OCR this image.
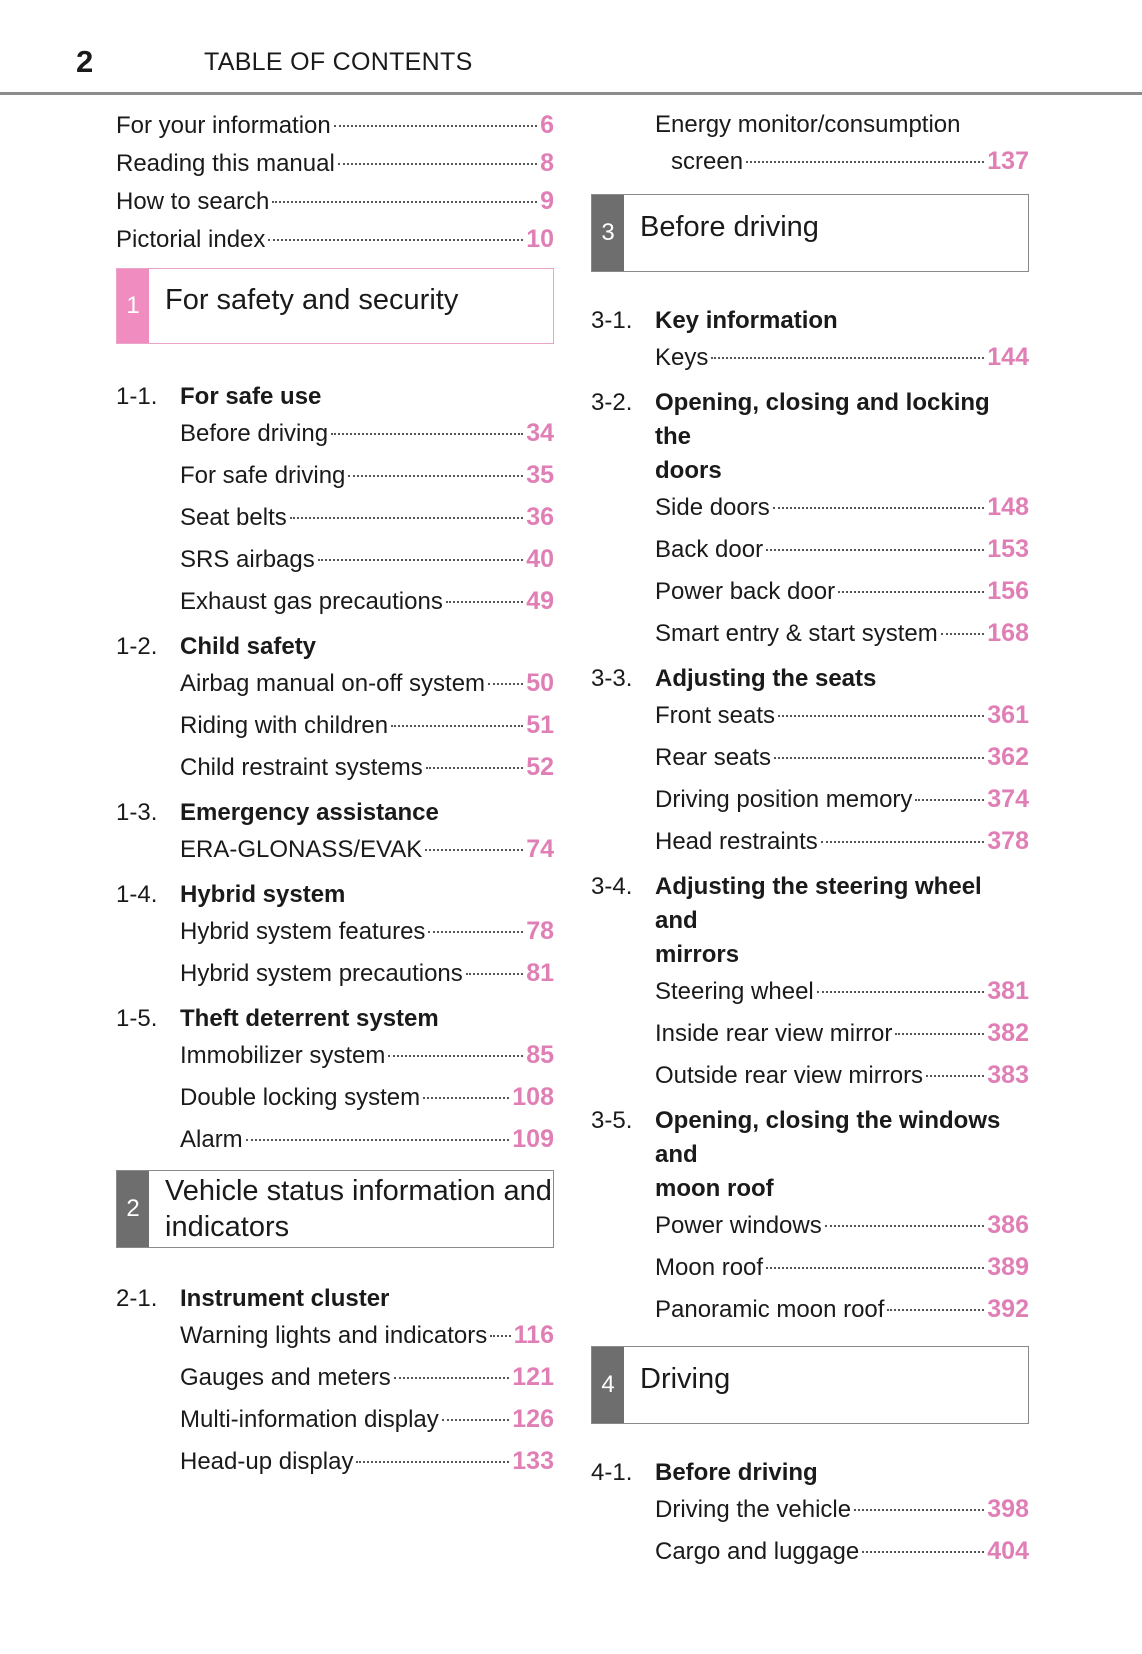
2	TABLE OF CONTENTS
For your information	6
Reading this manual	8
How to search	9
Pictorial index	10
1 For safety and security
1-1. For safe use
Before driving	34
For safe driving	35
Seat belts	36
SRS airbags	40
Exhaust gas precautions	49
1-2. Child safety
Airbag manual on-off system 50
Riding with children	51
Child restraint systems	52
1-3. Emergency assistance
ERA-GLONASS/EVAK	74
1-4. Hybrid system
Hybrid system features	78
Hybrid system precautions	81
1-5. Theft deterrent system
Immobilizer system	85
Double locking system	108
Alarm	109
2
Vehicle status information and
indicators
2-1. Instrument cluster
Warning lights and indicators 116
Gauges and meters	121
Multi-information display	126
Head-up display	133
Energy monitor/consumption
screen	137
3 Before driving
3-1. Key information
Keys	144
3-2. Opening, closing and locking the
doors
Side doors	148
Back door	153
Power back door	156
Smart entry & start system 168
3-3. Adjusting the seats
Front seats	361
Rear seats	362
Driving position memory	374
Head restraints	378
3-4. Adjusting the steering wheel and
mirrors
Steering wheel	381
Inside rear view mirror	382
Outside rear view mirrors	383
3-5. Opening, closing the windows and
moon roof
Power windows	386
Moon roof	389
Panoramic moon roof	392
4 Driving
4-1. Before driving
Driving the vehicle	398
Cargo and luggage	404
